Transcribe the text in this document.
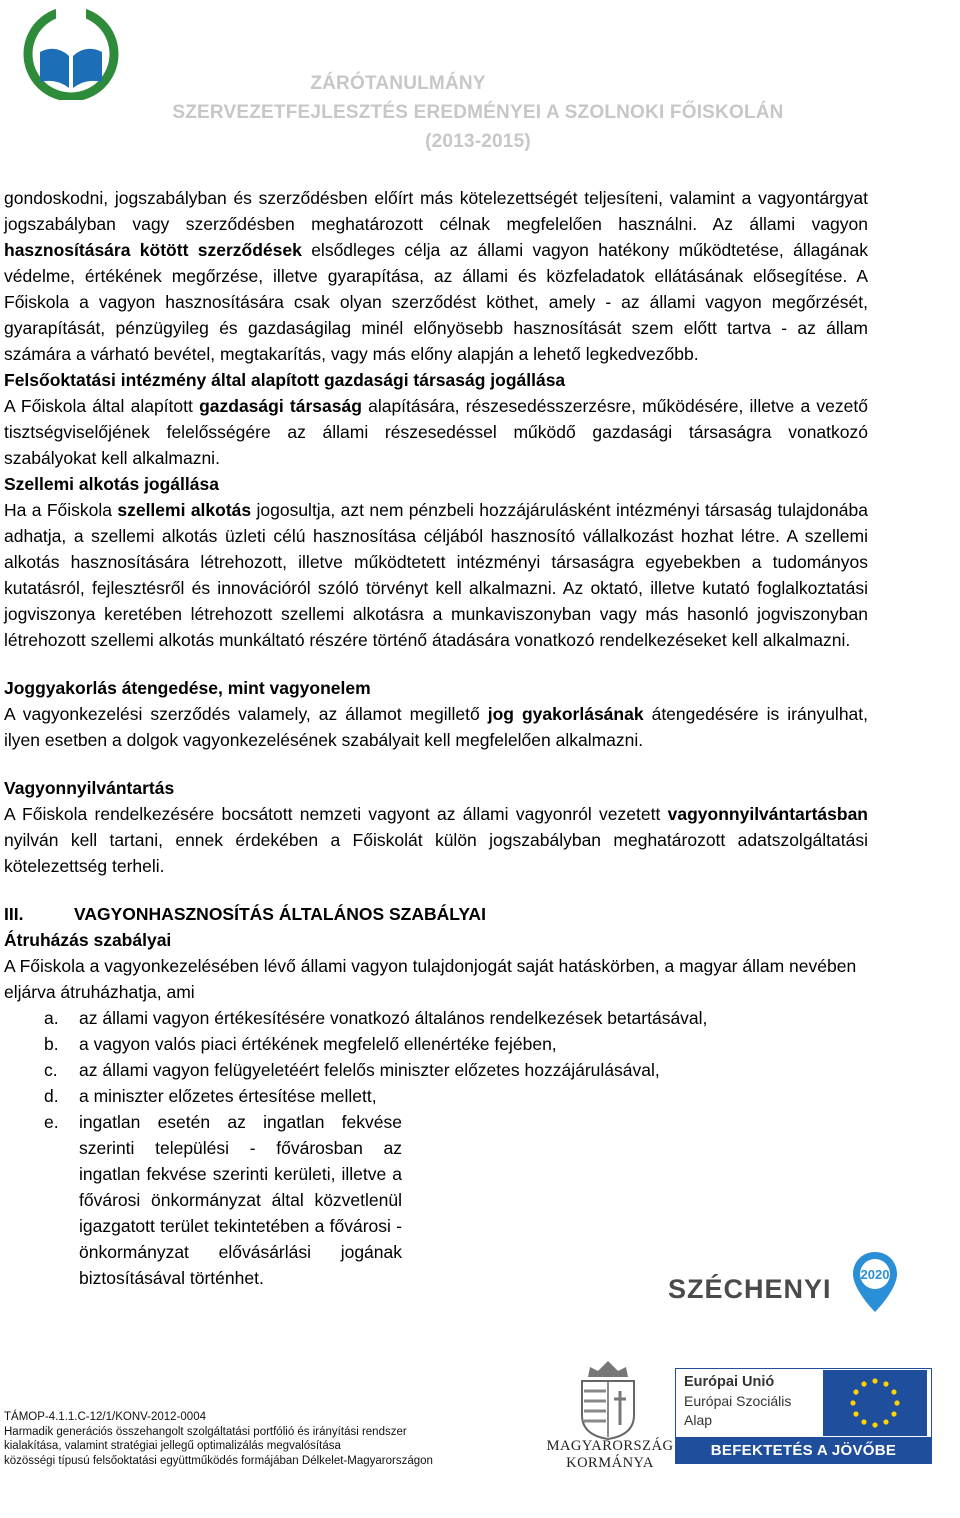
ZÁRÓTANULMÁNY
SZERVEZETFEJLESZTÉS EREDMÉNYEI A SZOLNOKI FŐISKOLÁN
(2013-2015)

gondoskodni, jogszabályban és szerződésben előírt más kötelezettségét teljesíteni, valamint a vagyontárgyat jogszabályban vagy szerződésben meghatározott célnak megfelelően használni. Az állami vagyon hasznosítására kötött szerződések elsődleges célja az állami vagyon hatékony működtetése, állagának védelme, értékének megőrzése, illetve gyarapítása, az állami és közfeladatok ellátásának elősegítése. A Főiskola a vagyon hasznosítására csak olyan szerződést köthet, amely - az állami vagyon megőrzését, gyarapítását, pénzügyileg és gazdaságilag minél előnyösebb hasznosítását szem előtt tartva - az állam számára a várható bevétel, megtakarítás, vagy más előny alapján a lehető legkedvezőbb.

Felsőoktatási intézmény által alapított gazdasági társaság jogállása

A Főiskola által alapított gazdasági társaság alapítására, részesedésszerzésre, működésére, illetve a vezető tisztségviselőjének felelősségére az állami részesedéssel működő gazdasági társaságra vonatkozó szabályokat kell alkalmazni.

Szellemi alkotás jogállása

Ha a Főiskola szellemi alkotás jogosultja, azt nem pénzbeli hozzájárulásként intézményi társaság tulajdonába adhatja, a szellemi alkotás üzleti célú hasznosítása céljából hasznosító vállalkozást hozhat létre. A szellemi alkotás hasznosítására létrehozott, illetve működtetett intézményi társaságra egyebekben a tudományos kutatásról, fejlesztésről és innovációról szóló törvényt kell alkalmazni. Az oktató, illetve kutató foglalkoztatási jogviszonya keretében létrehozott szellemi alkotásra a munkaviszonyban vagy más hasonló jogviszonyban létrehozott szellemi alkotás munkáltató részére történő átadására vonatkozó rendelkezéseket kell alkalmazni.

Joggyakorlás átengedése, mint vagyonelem

A vagyonkezelési szerződés valamely, az államot megillető jog gyakorlásának átengedésére is irányulhat, ilyen esetben a dolgok vagyonkezelésének szabályait kell megfelelően alkalmazni.

Vagyonnyilvántartás

A Főiskola rendelkezésére bocsátott nemzeti vagyont az állami vagyonról vezetett vagyonnyilvántartásban nyilván kell tartani, ennek érdekében a Főiskolát külön jogszabályban meghatározott adatszolgáltatási kötelezettség terheli.

III.	VAGYONHASZNOSÍTÁS ÁLTALÁNOS SZABÁLYAI

Átruházás szabályai

A Főiskola a vagyonkezelésében lévő állami vagyon tulajdonjogát saját hatáskörben, a magyar állam nevében eljárva átruházhatja, ami

a. az állami vagyon értékesítésére vonatkozó általános rendelkezések betartásával,
b. a vagyon valós piaci értékének megfelelő ellenértéke fejében,
c. az állami vagyon felügyeletéért felelős miniszter előzetes hozzájárulásával,
d. a miniszter előzetes értesítése mellett,
e. ingatlan esetén az ingatlan fekvése szerinti települési - fővárosban az ingatlan fekvése szerinti kerületi, illetve a fővárosi önkormányzat által közvetlenül igazgatott terület tekintetében a fővárosi - önkormányzat elővásárlási jogának biztosításával történhet.
TÁMOP-4.1.1.C-12/1/KONV-2012-0004
Harmadik generációs összehangolt szolgáltatási portfólió és irányítási rendszer
kialakítása, valamint stratégiai jellegű optimalizálás megvalósítása
közösségi típusú felsőoktatási együttműködés formájában Délkelet-Magyarországon
SZÉCHENYI 2020
MAGYARORSZÁG
KORMÁNYA
Európai Unió
Európai Szociális
Alap
BEFEKTETÉS A JÖVŐBE
